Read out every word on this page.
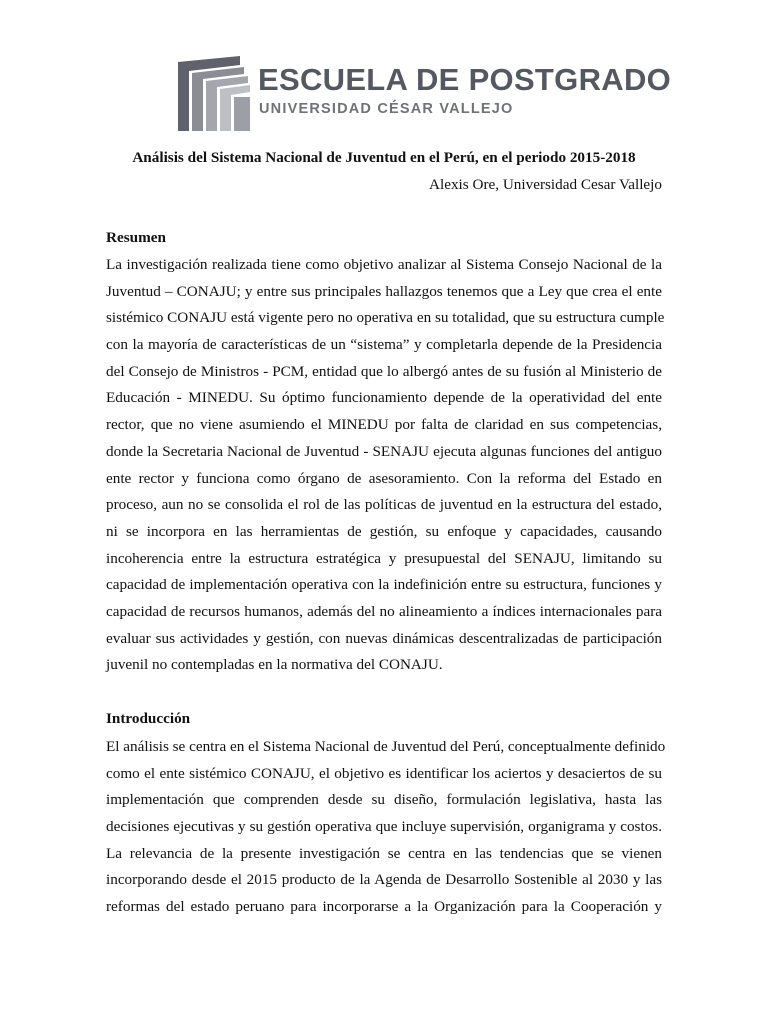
ESCUELA DE POSTGRADO
UNIVERSIDAD CÉSAR VALLEJO
Análisis del Sistema Nacional de Juventud en el Perú, en el periodo 2015-2018
Alexis Ore, Universidad Cesar Vallejo
Resumen
La investigación realizada tiene como objetivo analizar al Sistema Consejo Nacional de la
Juventud – CONAJU; y entre sus principales hallazgos tenemos que a Ley que crea el ente
sistémico CONAJU está vigente pero no operativa en su totalidad, que su estructura cumple
con la mayoría de características de un “sistema” y completarla depende de la Presidencia
del Consejo de Ministros - PCM, entidad que lo albergó antes de su fusión al Ministerio de
Educación - MINEDU. Su óptimo funcionamiento depende de la operatividad del ente
rector, que no viene asumiendo el MINEDU por falta de claridad en sus competencias,
donde la Secretaria Nacional de Juventud - SENAJU ejecuta algunas funciones del antiguo
ente rector y funciona como órgano de asesoramiento. Con la reforma del Estado en
proceso, aun no se consolida el rol de las políticas de juventud en la estructura del estado,
ni se incorpora en las herramientas de gestión, su enfoque y capacidades, causando
incoherencia entre la estructura estratégica y presupuestal del SENAJU, limitando su
capacidad de implementación operativa con la indefinición entre su estructura, funciones y
capacidad de recursos humanos, además del no alineamiento a índices internacionales para
evaluar sus actividades y gestión, con nuevas dinámicas descentralizadas de participación
juvenil no contempladas en la normativa del CONAJU.
Introducción
El análisis se centra en el Sistema Nacional de Juventud del Perú, conceptualmente definido
como el ente sistémico CONAJU, el objetivo es identificar los aciertos y desaciertos de su
implementación que comprenden desde su diseño, formulación legislativa, hasta las
decisiones ejecutivas y su gestión operativa que incluye supervisión, organigrama y costos.
La relevancia de la presente investigación se centra en las tendencias que se vienen
incorporando desde el 2015 producto de la Agenda de Desarrollo Sostenible al 2030 y las
reformas del estado peruano para incorporarse a la Organización para la Cooperación y
